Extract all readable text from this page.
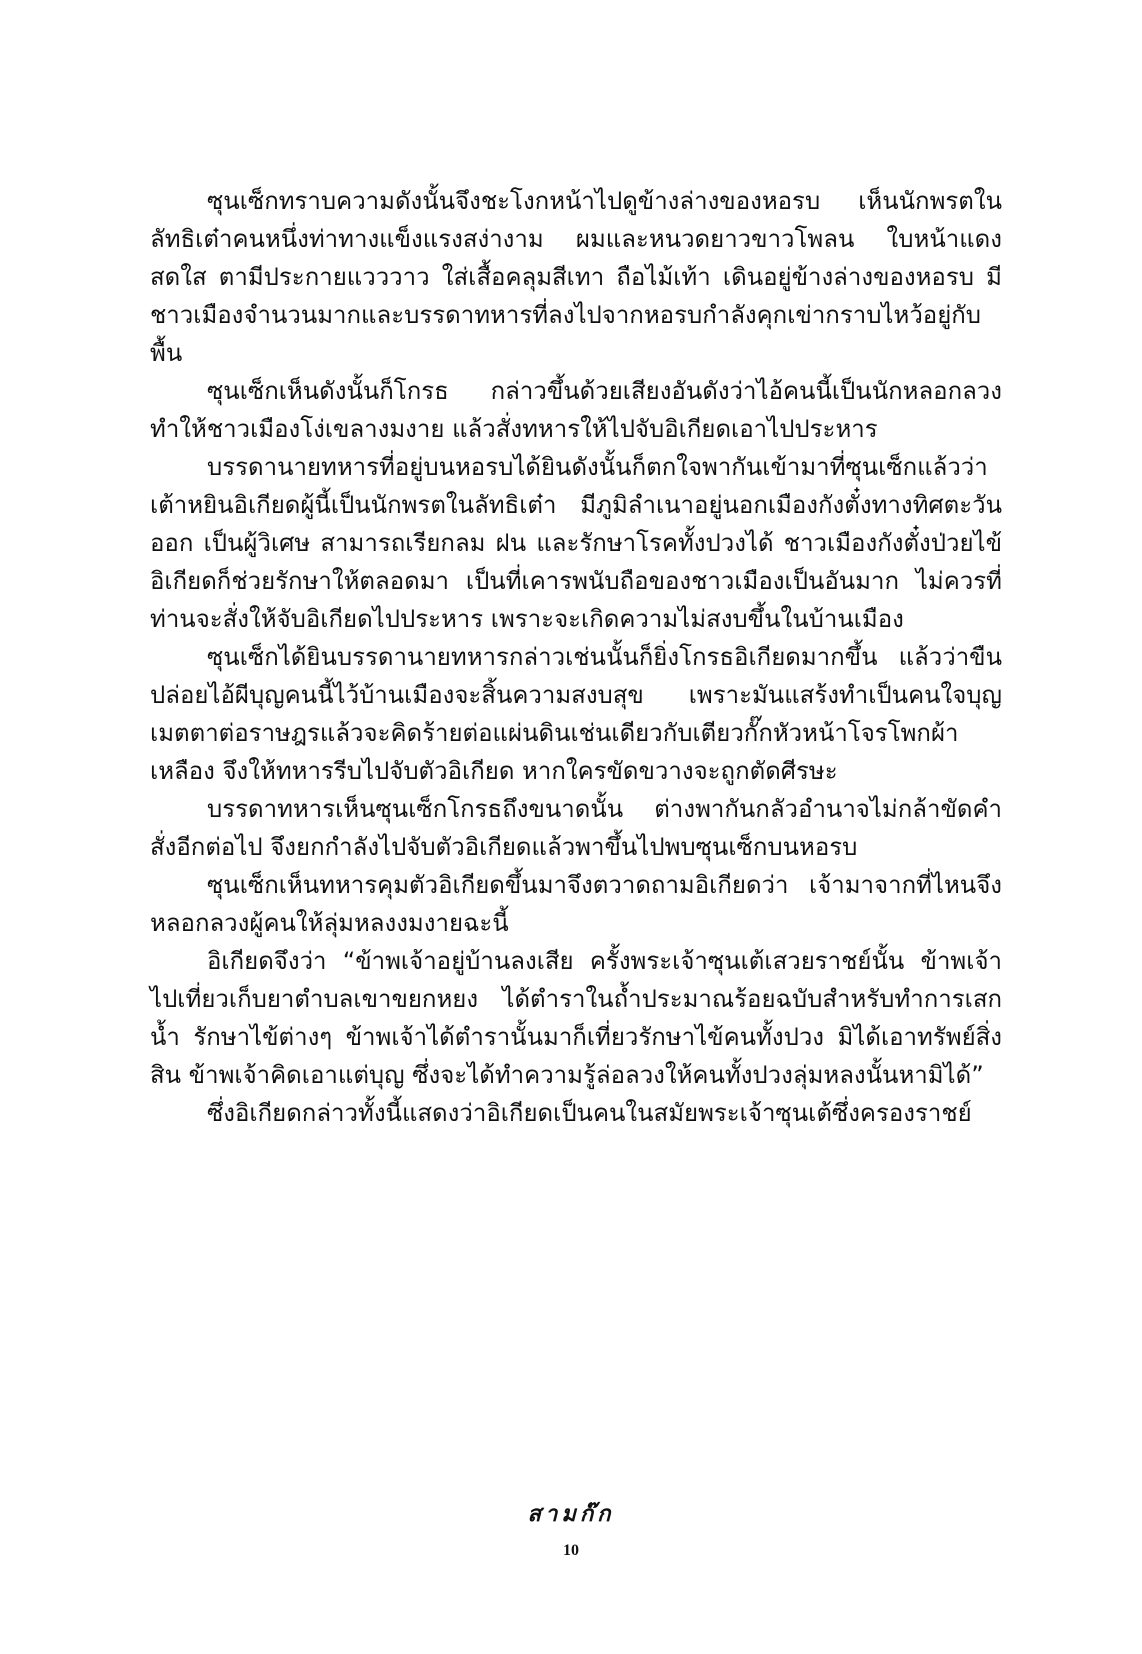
ซุนเซ็กทราบความดังนั้นจึงชะโงกหน้าไปดูข้างล่างของหอรบ เห็นนักพรตในลัทธิเต๋าคนหนึ่งท่าทางแข็งแรงสง่างาม ผมและหนวดยาวขาวโพลน ใบหน้าแดงสดใส ตามีประกายแวววาว ใส่เสื้อคลุมสีเทา ถือไม้เท้า เดินอยู่ข้างล่างของหอรบ มีชาวเมืองจำนวนมากและบรรดาทหารที่ลงไปจากหอรบกำลังคุกเข่ากราบไหว้อยู่กับพื้น

ซุนเซ็กเห็นดังนั้นก็โกรธ กล่าวขึ้นด้วยเสียงอันดังว่าไอ้คนนี้เป็นนักหลอกลวงทำให้ชาวเมืองโง่เขลางมงาย แล้วสั่งทหารให้ไปจับอิเกียดเอาไปประหาร

บรรดานายทหารที่อยู่บนหอรบได้ยินดังนั้นก็ตกใจพากันเข้ามาที่ซุนเซ็กแล้วว่า เต้าหยินอิเกียดผู้นี้เป็นนักพรตในลัทธิเต๋า มีภูมิลำเนาอยู่นอกเมืองกังตั๋งทางทิศตะวันออก เป็นผู้วิเศษ สามารถเรียกลม ฝน และรักษาโรคทั้งปวงได้ ชาวเมืองกังตั๋งป่วยไข้ อิเกียดก็ช่วยรักษาให้ตลอดมา เป็นที่เคารพนับถือของชาวเมืองเป็นอันมาก ไม่ควรที่ท่านจะสั่งให้จับอิเกียดไปประหาร เพราะจะเกิดความไม่สงบขึ้นในบ้านเมือง

ซุนเซ็กได้ยินบรรดานายทหารกล่าวเช่นนั้นก็ยิ่งโกรธอิเกียดมากขึ้น แล้วว่าขืนปล่อยไอ้ผีบุญคนนี้ไว้บ้านเมืองจะสิ้นความสงบสุข เพราะมันแสร้งทำเป็นคนใจบุญเมตตาต่อราษฎรแล้วจะคิดร้ายต่อแผ่นดินเช่นเดียวกับเตียวกั๊กหัวหน้าโจรโพกผ้าเหลือง จึงให้ทหารรีบไปจับตัวอิเกียด หากใครขัดขวางจะถูกตัดศีรษะ

บรรดาทหารเห็นซุนเซ็กโกรธถึงขนาดนั้น ต่างพากันกลัวอำนาจไม่กล้าขัดคำสั่งอีกต่อไป จึงยกกำลังไปจับตัวอิเกียดแล้วพาขึ้นไปพบซุนเซ็กบนหอรบ

ซุนเซ็กเห็นทหารคุมตัวอิเกียดขึ้นมาจึงตวาดถามอิเกียดว่า เจ้ามาจากที่ไหนจึงหลอกลวงผู้คนให้ลุ่มหลงงมงายฉะนี้

อิเกียดจึงว่า “ข้าพเจ้าอยู่บ้านลงเสีย ครั้งพระเจ้าซุนเต้เสวยราชย์นั้น ข้าพเจ้าไปเที่ยวเก็บยาตำบลเขาขยกหยง ได้ตำราในถ้ำประมาณร้อยฉบับสำหรับทำการเสกน้ำ รักษาไข้ต่างๆ ข้าพเจ้าได้ตำรานั้นมาก็เที่ยวรักษาไข้คนทั้งปวง มิได้เอาทรัพย์สิ่งสิน ข้าพเจ้าคิดเอาแต่บุญ ซึ่งจะได้ทำความรู้ล่อลวงให้คนทั้งปวงลุ่มหลงนั้นหามิได้”

ซึ่งอิเกียดกล่าวทั้งนี้แสดงว่าอิเกียดเป็นคนในสมัยพระเจ้าซุนเต้ซึ่งครองราชย์

สามก๊ก
10
